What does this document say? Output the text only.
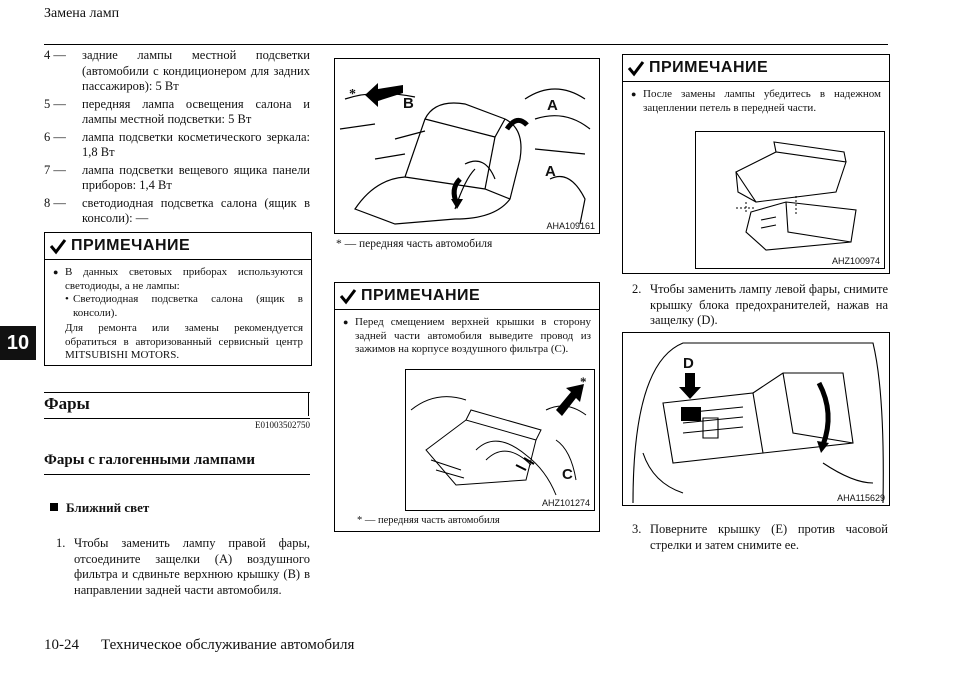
Замена ламп
10
4 —	задние лампы местной подсветки (автомобили с кондиционером для задних пассажиров): 5 Вт
5 —	передняя лампа освещения салона и лампы местной подсветки: 5 Вт
6 —	лампа подсветки косметического зеркала: 1,8 Вт
7 —	лампа подсветки вещевого ящика панели приборов: 1,4 Вт
8 —	светодиодная подсветка салона (ящик в консоли): —
ПРИМЕЧАНИЕ
● В данных световых приборах используются светодиоды, а не лампы:
• Светодиодная подсветка салона (ящик в консоли).
Для ремонта или замены рекомендуется обратиться в авторизованный сервисный центр MITSUBISHI MOTORS.
Фары
E01003502750
Фары с галогенными лампами
Ближний свет
1. Чтобы заменить лампу правой фары, отсоединитe защелки (A) воздушного фильтра и сдвиньте верхнюю крышку (B) в направлении задней части автомобиля.
*
B	A
A
AHA109161
* — передняя часть автомобиля
ПРИМЕЧАНИЕ
● Перед смещением верхней крышки в сторону задней части автомобиля выведите провод из зажимов на корпусе воздушного фильтра (C).
*
C
AHZ101274
* — передняя часть автомобиля
ПРИМЕЧАНИЕ
● После замены лампы убедитесь в надежном зацеплении петель в передней части.
AHZ100974
2. Чтобы заменить лампу левой фары, снимите крышку блока предохранителей, нажав на защелку (D).
D
AHA115629
3. Поверните крышку (E) против часовой стрелки и затем снимите ее.
10-24 Техническое обслуживание автомобиля
